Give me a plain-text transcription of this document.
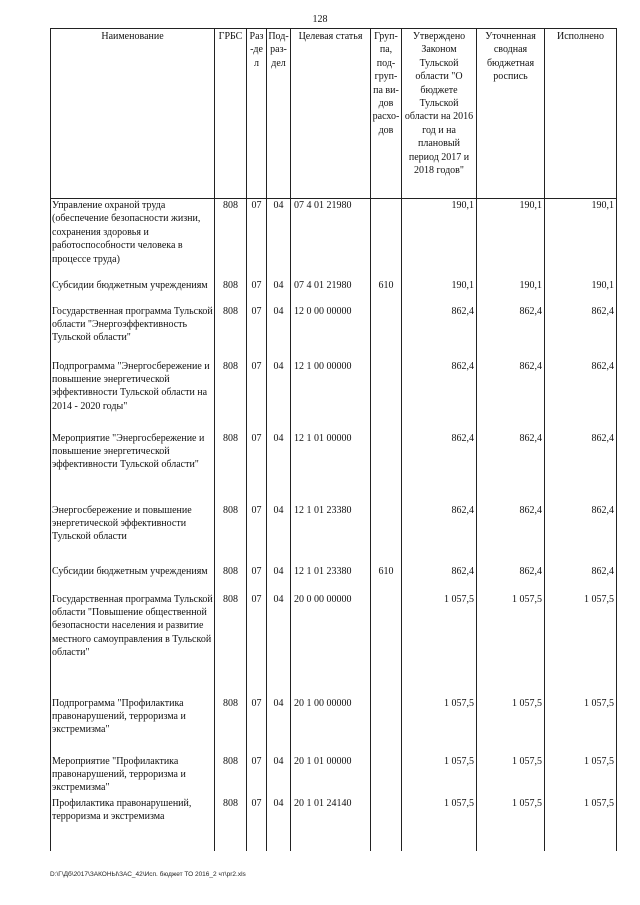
128
Наименование	ГРБС	Раз-дел	Под-раз-дел	Целевая статья	Груп-па, под-груп-па ви-дов расхо-дов	Утверждено Законом Тульской области "О бюджете Тульской области на 2016 год и на плановый период 2017 и 2018 годов"	Уточненная сводная бюджетная роспись	Исполнено
Управление охраной труда (обеспечение безопасности жизни, сохранения здоровья и работоспособности человека в процессе труда)	808	07	04	07 4 01 21980		190,1	190,1	190,1
Субсидии бюджетным учреждениям	808	07	04	07 4 01 21980	610	190,1	190,1	190,1
Государственная программа Тульской области "Энергоэффективность Тульской области"	808	07	04	12 0 00 00000		862,4	862,4	862,4
Подпрограмма "Энергосбережение и повышение энергетической эффективности Тульской области на 2014 - 2020 годы"	808	07	04	12 1 00 00000		862,4	862,4	862,4
Мероприятие "Энергосбережение и повышение энергетической эффективности Тульской области"	808	07	04	12 1 01 00000		862,4	862,4	862,4
Энергосбережение и повышение энергетической эффективности Тульской области	808	07	04	12 1 01 23380		862,4	862,4	862,4
Субсидии бюджетным учреждениям	808	07	04	12 1 01 23380	610	862,4	862,4	862,4
Государственная программа Тульской области "Повышение общественной безопасности населения и развитие местного самоуправления в Тульской области"	808	07	04	20 0 00 00000		1 057,5	1 057,5	1 057,5
Подпрограмма "Профилактика правонарушений, терроризма и экстремизма"	808	07	04	20 1 00 00000		1 057,5	1 057,5	1 057,5
Мероприятие "Профилактика правонарушений, терроризма и экстремизма"	808	07	04	20 1 01 00000		1 057,5	1 057,5	1 057,5
Профилактика правонарушений, терроризма и экстремизма	808	07	04	20 1 01 24140		1 057,5	1 057,5	1 057,5
D:\Г\Дб\2017\ЗАКОНЫ\ЗАС_42\Исп. бюджет ТО 2016_2 чт\pr2.xls
